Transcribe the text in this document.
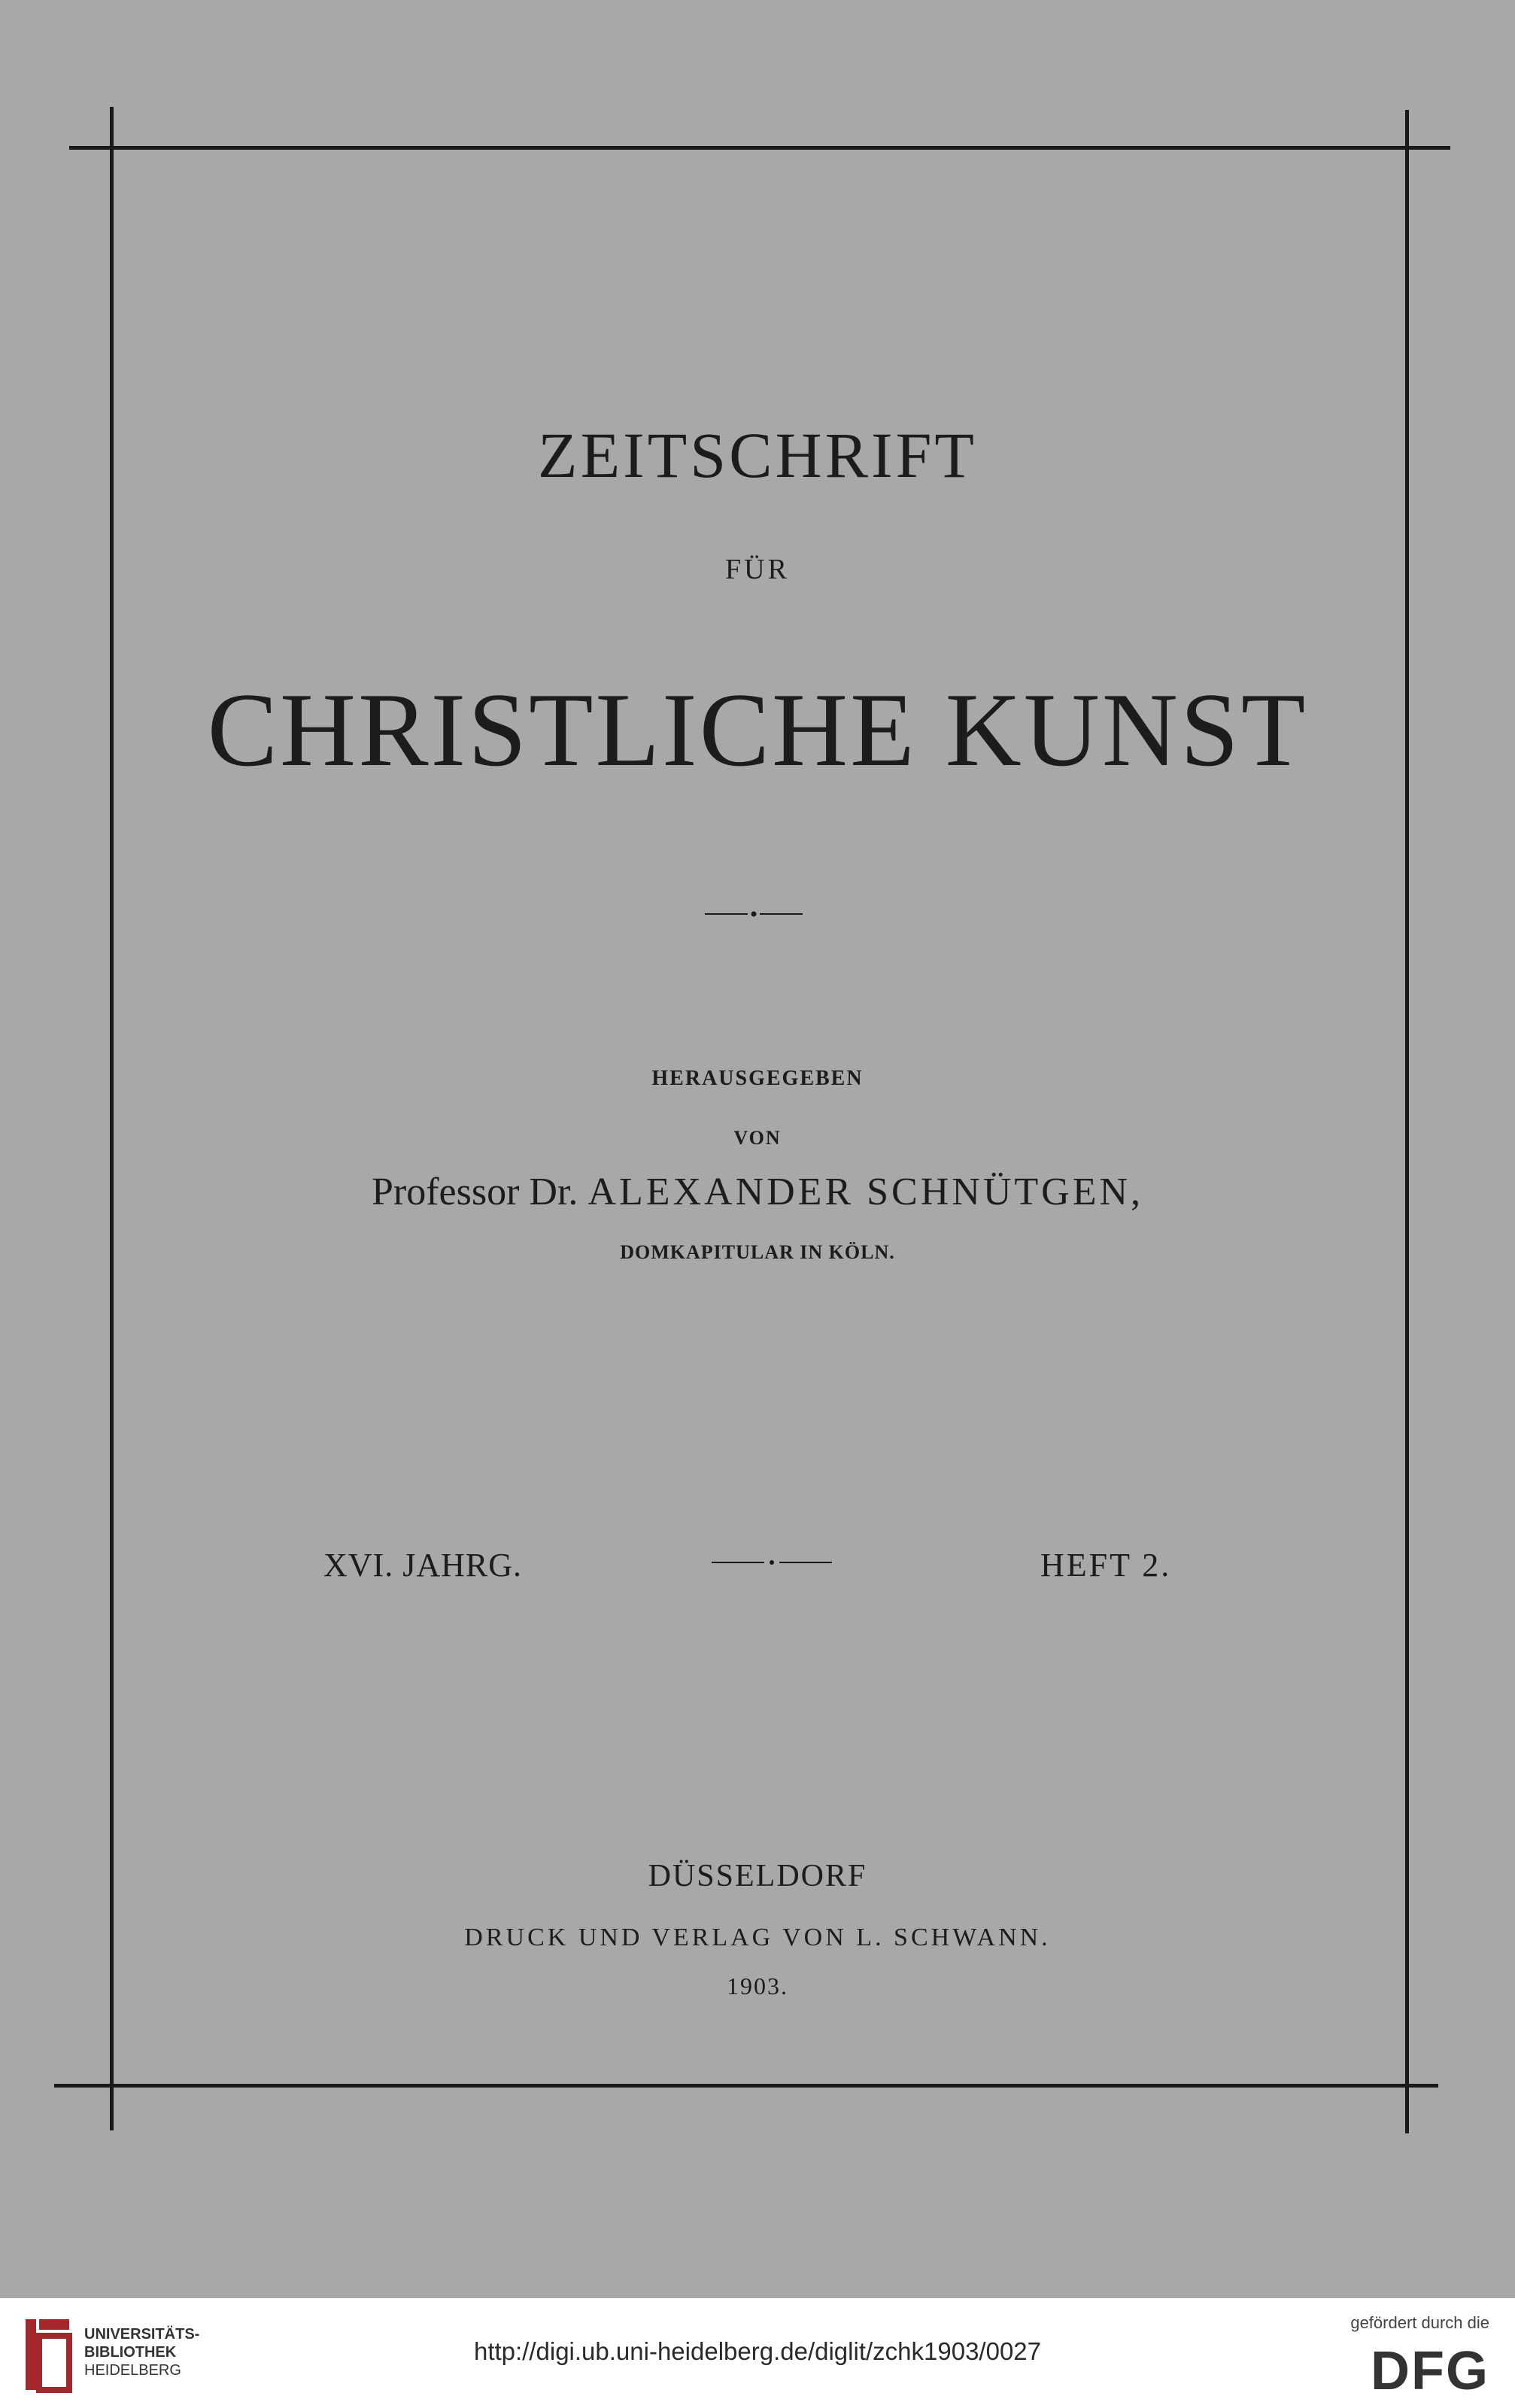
ZEITSCHRIFT
FÜR
CHRISTLICHE KUNST
HERAUSGEGEBEN
VON
Professor Dr. ALEXANDER SCHNÜTGEN,
DOMKAPITULAR IN KÖLN.
XVI. JAHRG.	HEFT 2.
DÜSSELDORF
DRUCK UND VERLAG VON L. SCHWANN.
1903.
UNIVERSITÄTS-
BIBLIOTHEK
HEIDELBERG
http://digi.ub.uni-heidelberg.de/diglit/zchk1903/0027
gefördert durch die
DFG
